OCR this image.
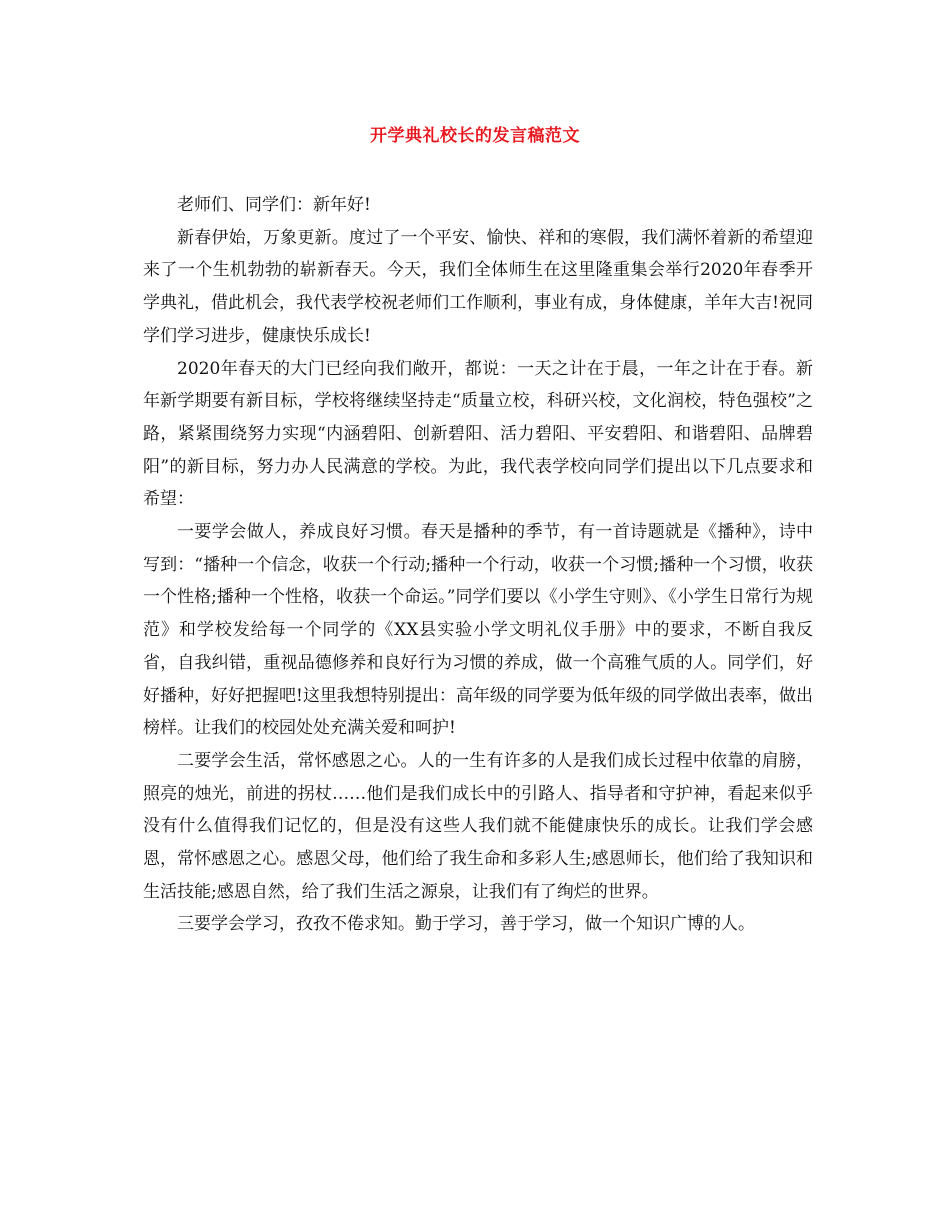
开学典礼校长的发言稿范文

老师们、同学们：新年好!

新春伊始，万象更新。度过了一个平安、愉快、祥和的寒假，我们满怀着新的希望迎来了一个生机勃勃的崭新春天。今天，我们全体师生在这里隆重集会举行2020年春季开学典礼，借此机会，我代表学校祝老师们工作顺利，事业有成，身体健康，羊年大吉!祝同学们学习进步，健康快乐成长!

2020年春天的大门已经向我们敞开，都说：一天之计在于晨，一年之计在于春。新年新学期要有新目标，学校将继续坚持走“质量立校，科研兴校，文化润校，特色强校”之路，紧紧围绕努力实现“内涵碧阳、创新碧阳、活力碧阳、平安碧阳、和谐碧阳、品牌碧阳”的新目标，努力办人民满意的学校。为此，我代表学校向同学们提出以下几点要求和希望：

一要学会做人，养成良好习惯。春天是播种的季节，有一首诗题就是《播种》，诗中写到：“播种一个信念，收获一个行动;播种一个行动，收获一个习惯;播种一个习惯，收获一个性格;播种一个性格，收获一个命运。”同学们要以《小学生守则》、《小学生日常行为规范》和学校发给每一个同学的《XX县实验小学文明礼仪手册》中的要求，不断自我反省，自我纠错，重视品德修养和良好行为习惯的养成，做一个高雅气质的人。同学们，好好播种，好好把握吧!这里我想特别提出：高年级的同学要为低年级的同学做出表率，做出榜样。让我们的校园处处充满关爱和呵护!

二要学会生活，常怀感恩之心。人的一生有许多的人是我们成长过程中依靠的肩膀，照亮的烛光，前进的拐杖……他们是我们成长中的引路人、指导者和守护神，看起来似乎没有什么值得我们记忆的，但是没有这些人我们就不能健康快乐的成长。让我们学会感恩，常怀感恩之心。感恩父母，他们给了我生命和多彩人生;感恩师长，他们给了我知识和生活技能;感恩自然，给了我们生活之源泉，让我们有了绚烂的世界。

三要学会学习，孜孜不倦求知。勤于学习，善于学习，做一个知识广博的人。
